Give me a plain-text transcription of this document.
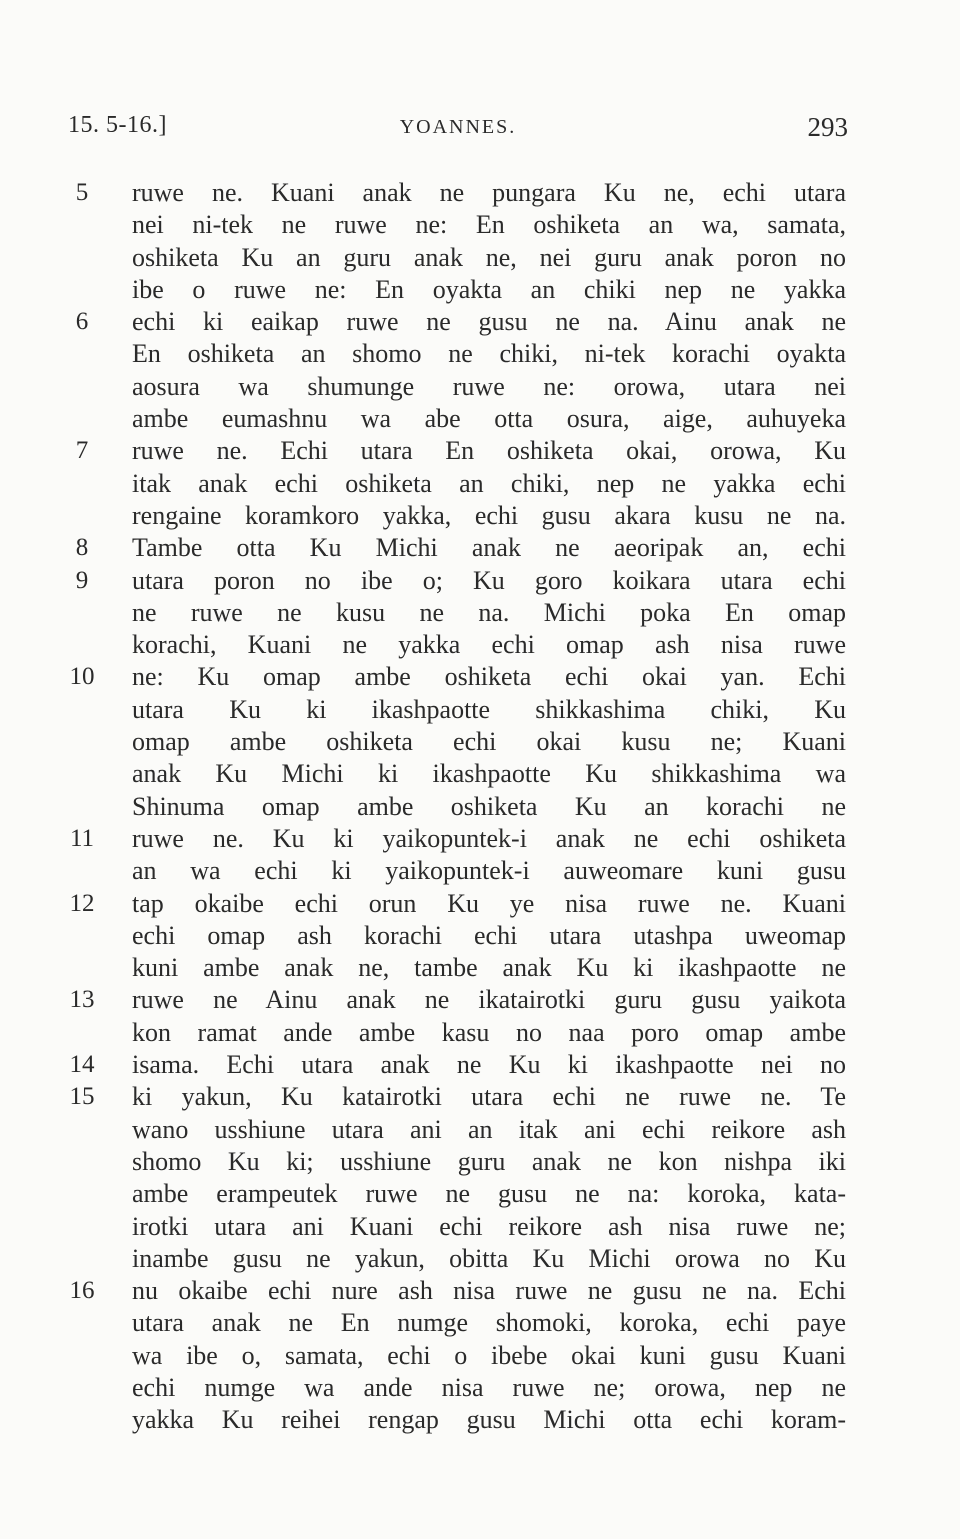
15. 5-16.]	YOANNES.	293
5	ruwe ne. Kuani anak ne pungara Ku ne, echi utara
nei ni-tek ne ruwe ne: En oshiketa an wa, samata,
oshiketa Ku an guru anak ne, nei guru anak poron no
ibe o ruwe ne: En oyakta an chiki nep ne yakka
6	echi ki eaikap ruwe ne gusu ne na. Ainu anak ne
En oshiketa an shomo ne chiki, ni-tek korachi oyakta
aosura wa shumunge ruwe ne: orowa, utara nei
ambe eumashnu wa abe otta osura, aige, auhuyeka
7	ruwe ne. Echi utara En oshiketa okai, orowa, Ku
itak anak echi oshiketa an chiki, nep ne yakka echi
rengaine koramkoro yakka, echi gusu akara kusu ne na.
8	Tambe otta Ku Michi anak ne aeoripak an, echi
9	utara poron no ibe o; Ku goro koikara utara echi
ne ruwe ne kusu ne na. Michi poka En omap
korachi, Kuani ne yakka echi omap ash nisa ruwe
10	ne: Ku omap ambe oshiketa echi okai yan. Echi
utara Ku ki ikashpaotte shikkashima chiki, Ku
omap ambe oshiketa echi okai kusu ne; Kuani
anak Ku Michi ki ikashpaotte Ku shikkashima wa
Shinuma omap ambe oshiketa Ku an korachi ne
11	ruwe ne. Ku ki yaikopuntek-i anak ne echi oshiketa
an wa echi ki yaikopuntek-i auweomare kuni gusu
12	tap okaibe echi orun Ku ye nisa ruwe ne. Kuani
echi omap ash korachi echi utara utashpa uweomap
kuni ambe anak ne, tambe anak Ku ki ikashpaotte ne
13	ruwe ne Ainu anak ne ikatairotki guru gusu yaikota
kon ramat ande ambe kasu no naa poro omap ambe
14	isama. Echi utara anak ne Ku ki ikashpaotte nei no
15	ki yakun, Ku katairotki utara echi ne ruwe ne. Te
wano usshiune utara ani an itak ani echi reikore ash
shomo Ku ki; usshiune guru anak ne kon nishpa iki
ambe erampeutek ruwe ne gusu ne na: koroka, kata-
irotki utara ani Kuani echi reikore ash nisa ruwe ne;
inambe gusu ne yakun, obitta Ku Michi orowa no Ku
16	nu okaibe echi nure ash nisa ruwe ne gusu ne na. Echi
utara anak ne En numge shomoki, koroka, echi paye
wa ibe o, samata, echi o ibebe okai kuni gusu Kuani
echi numge wa ande nisa ruwe ne; orowa, nep ne
yakka Ku reihei rengap gusu Michi otta echi koram-
